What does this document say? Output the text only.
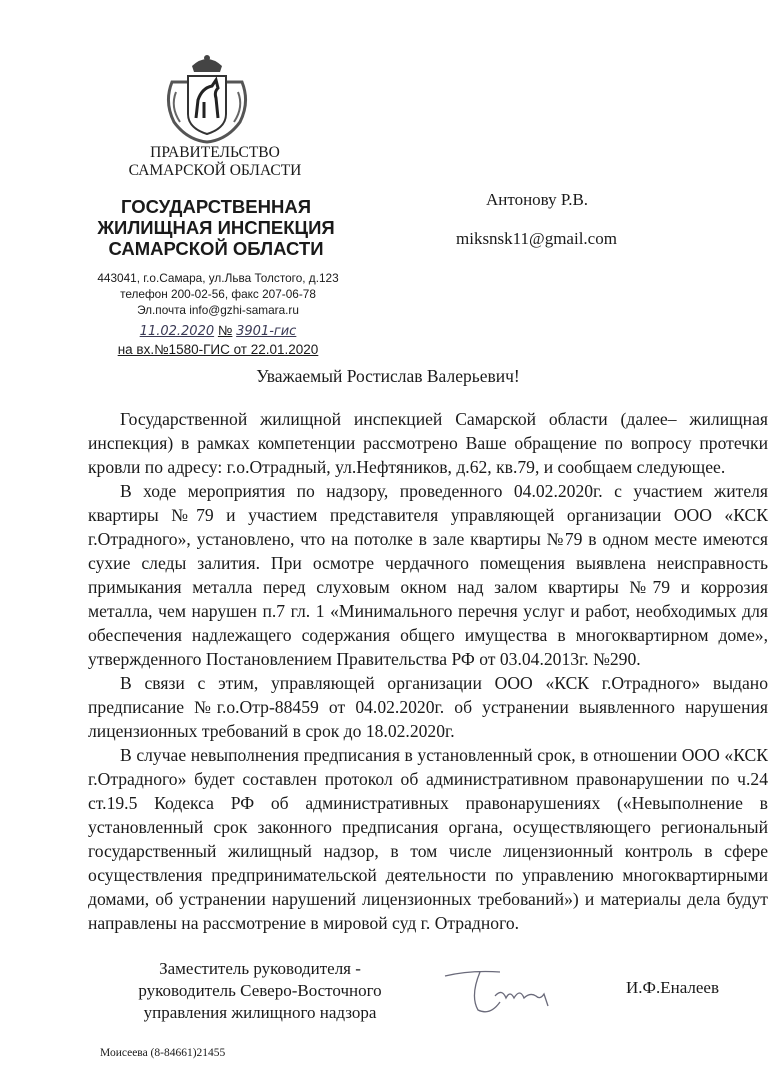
ПРАВИТЕЛЬСТВО
САМАРСКОЙ ОБЛАСТИ
ГОСУДАРСТВЕННАЯ
ЖИЛИЩНАЯ ИНСПЕКЦИЯ
САМАРСКОЙ ОБЛАСТИ
443041, г.о.Самара, ул.Льва Толстого, д.123
телефон 200-02-56, факс 207-06-78
Эл.почта info@gzhi-samara.ru
11.02.2020 № 3901-гис
на вх.№1580-ГИС от 22.01.2020
Антонову Р.В.
miksnsk11@gmail.com
Уважаемый Ростислав Валерьевич!

Государственной жилищной инспекцией Самарской области (далее– жилищная инспекция) в рамках компетенции рассмотрено Ваше обращение по вопросу протечки кровли по адресу: г.о.Отрадный, ул.Нефтяников, д.62, кв.79, и сообщаем следующее.

В ходе мероприятия по надзору, проведенного 04.02.2020г. с участием жителя квартиры №79 и участием представителя управляющей организации ООО «КСК г.Отрадного», установлено, что на потолке в зале квартиры №79 в одном месте имеются сухие следы залития. При осмотре чердачного помещения выявлена неисправность примыкания металла перед слуховым окном над залом квартиры №79 и коррозия металла, чем нарушен п.7 гл. 1 «Минимального перечня услуг и работ, необходимых для обеспечения надлежащего содержания общего имущества в многоквартирном доме», утвержденного Постановлением Правительства РФ от 03.04.2013г. №290.

В связи с этим, управляющей организации ООО «КСК г.Отрадного» выдано предписание №г.о.Отр-88459 от 04.02.2020г. об устранении выявленного нарушения лицензионных требований в срок до 18.02.2020г.

В случае невыполнения предписания в установленный срок, в отношении ООО «КСК г.Отрадного» будет составлен протокол об административном правонарушении по ч.24 ст.19.5 Кодекса РФ об административных правонарушениях («Невыполнение в установленный срок законного предписания органа, осуществляющего региональный государственный жилищный надзор, в том числе лицензионный контроль в сфере осуществления предпринимательской деятельности по управлению многоквартирными домами, об устранении нарушений лицензионных требований») и материалы дела будут направлены на рассмотрение в мировой суд г. Отрадного.

Заместитель руководителя -
руководитель Северо-Восточного
управления жилищного надзора
И.Ф.Еналеев
Моисеева (8-84661)21455
